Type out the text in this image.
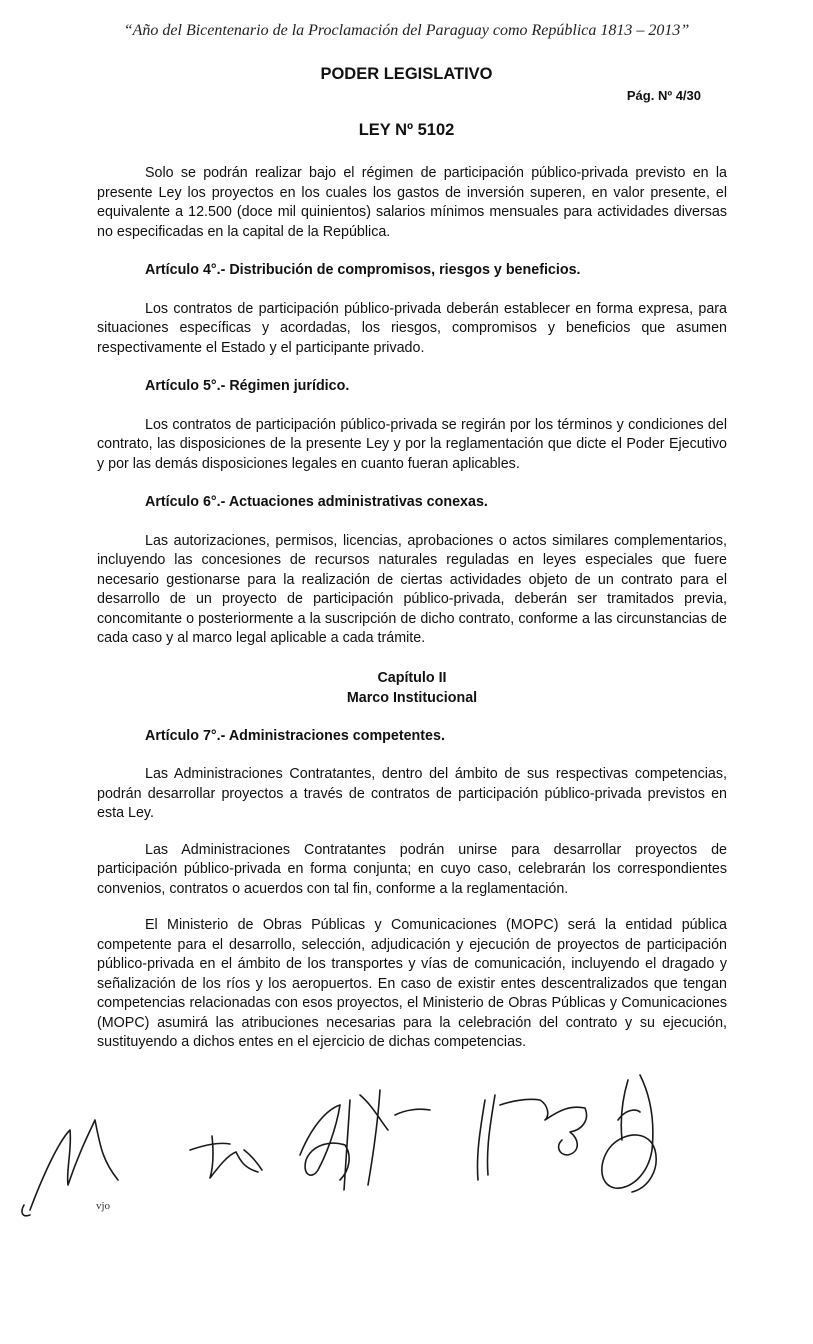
“Año del Bicentenario de la Proclamación del Paraguay como República 1813 – 2013”
PODER LEGISLATIVO
Pág. Nº 4/30
LEY Nº 5102

Solo se podrán realizar bajo el régimen de participación público-privada previsto en la presente Ley los proyectos en los cuales los gastos de inversión superen, en valor presente, el equivalente a 12.500 (doce mil quinientos) salarios mínimos mensuales para actividades diversas no especificadas en la capital de la República.

Artículo 4°.- Distribución de compromisos, riesgos y beneficios.

Los contratos de participación público-privada deberán establecer en forma expresa, para situaciones específicas y acordadas, los riesgos, compromisos y beneficios que asumen respectivamente el Estado y el participante privado.

Artículo 5°.- Régimen jurídico.

Los contratos de participación público-privada se regirán por los términos y condiciones del contrato, las disposiciones de la presente Ley y por la reglamentación que dicte el Poder Ejecutivo y por las demás disposiciones legales en cuanto fueran aplicables.

Artículo 6°.- Actuaciones administrativas conexas.

Las autorizaciones, permisos, licencias, aprobaciones o actos similares complementarios, incluyendo las concesiones de recursos naturales reguladas en leyes especiales que fuere necesario gestionarse para la realización de ciertas actividades objeto de un contrato para el desarrollo de un proyecto de participación público-privada, deberán ser tramitados previa, concomitante o posteriormente a la suscripción de dicho contrato, conforme a las circunstancias de cada caso y al marco legal aplicable a cada trámite.

Capítulo II
Marco Institucional
Artículo 7°.- Administraciones competentes.

Las Administraciones Contratantes, dentro del ámbito de sus respectivas competencias, podrán desarrollar proyectos a través de contratos de participación público-privada previstos en esta Ley.

Las Administraciones Contratantes podrán unirse para desarrollar proyectos de participación público-privada en forma conjunta; en cuyo caso, celebrarán los correspondientes convenios, contratos o acuerdos con tal fin, conforme a la reglamentación.

El Ministerio de Obras Públicas y Comunicaciones (MOPC) será la entidad pública competente para el desarrollo, selección, adjudicación y ejecución de proyectos de participación público-privada en el ámbito de los transportes y vías de comunicación, incluyendo el dragado y señalización de los ríos y los aeropuertos. En caso de existir entes descentralizados que tengan competencias relacionadas con esos proyectos, el Ministerio de Obras Públicas y Comunicaciones (MOPC) asumirá las atribuciones necesarias para la celebración del contrato y su ejecución, sustituyendo a dichos entes en el ejercicio de dichas competencias.

vjo
